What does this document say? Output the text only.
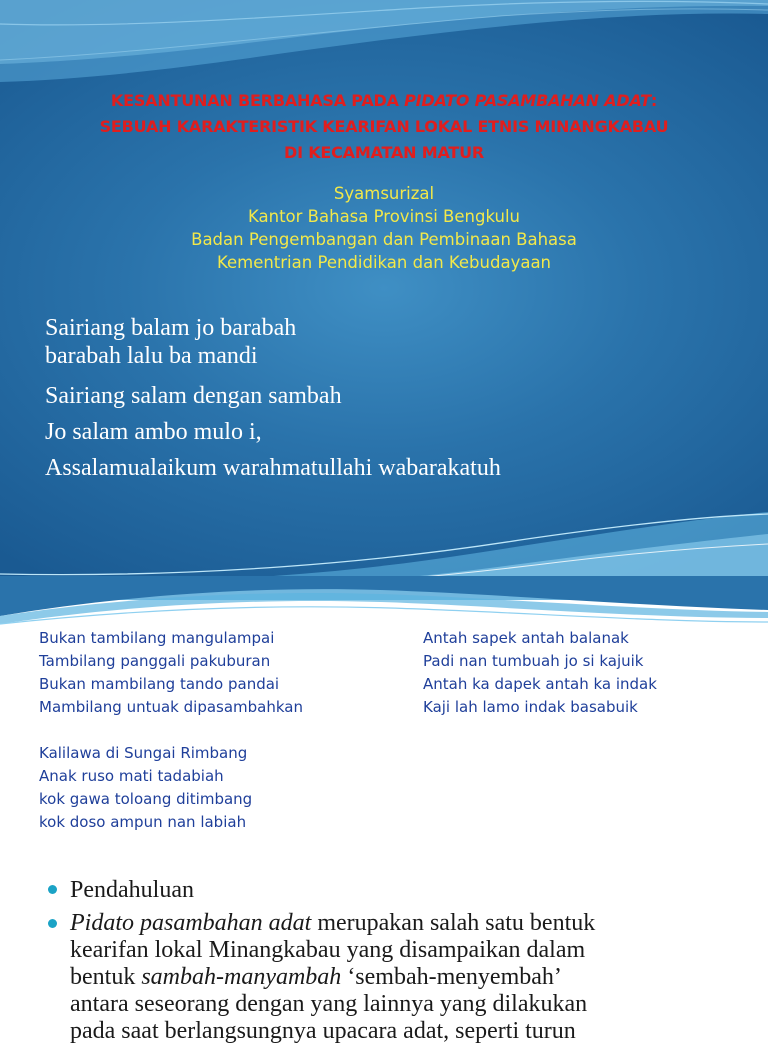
KESANTUNAN BERBAHASA PADA PIDATO PASAMBAHAN ADAT:
SEBUAH KARAKTERISTIK KEARIFAN LOKAL ETNIS MINANGKABAU
DI KECAMATAN MATUR
Syamsurizal
Kantor Bahasa Provinsi Bengkulu
Badan Pengembangan dan Pembinaan Bahasa
Kementrian Pendidikan dan Kebudayaan
Sairiang balam jo barabah
barabah lalu ba mandi
Sairiang salam dengan sambah
Jo salam ambo mulo i,
Assalamualaikum warahmatullahi wabarakatuh
Bukan tambilang mangulampai
Tambilang panggali pakuburan
Bukan mambilang tando pandai
Mambilang untuak dipasambahkan
Antah sapek antah balanak
Padi nan tumbuah jo si kajuik
Antah ka dapek antah ka indak
Kaji lah lamo indak basabuik
Kalilawa di Sungai Rimbang
Anak ruso mati tadabiah
kok gawa toloang ditimbang
kok doso ampun nan labiah
Pendahuluan
Pidato pasambahan adat merupakan salah satu bentuk
kearifan lokal Minangkabau yang disampaikan dalam
bentuk sambah-manyambah ‘sembah-menyembah’
antara seseorang dengan yang lainnya yang dilakukan
pada saat berlangsungnya upacara adat, seperti turun
